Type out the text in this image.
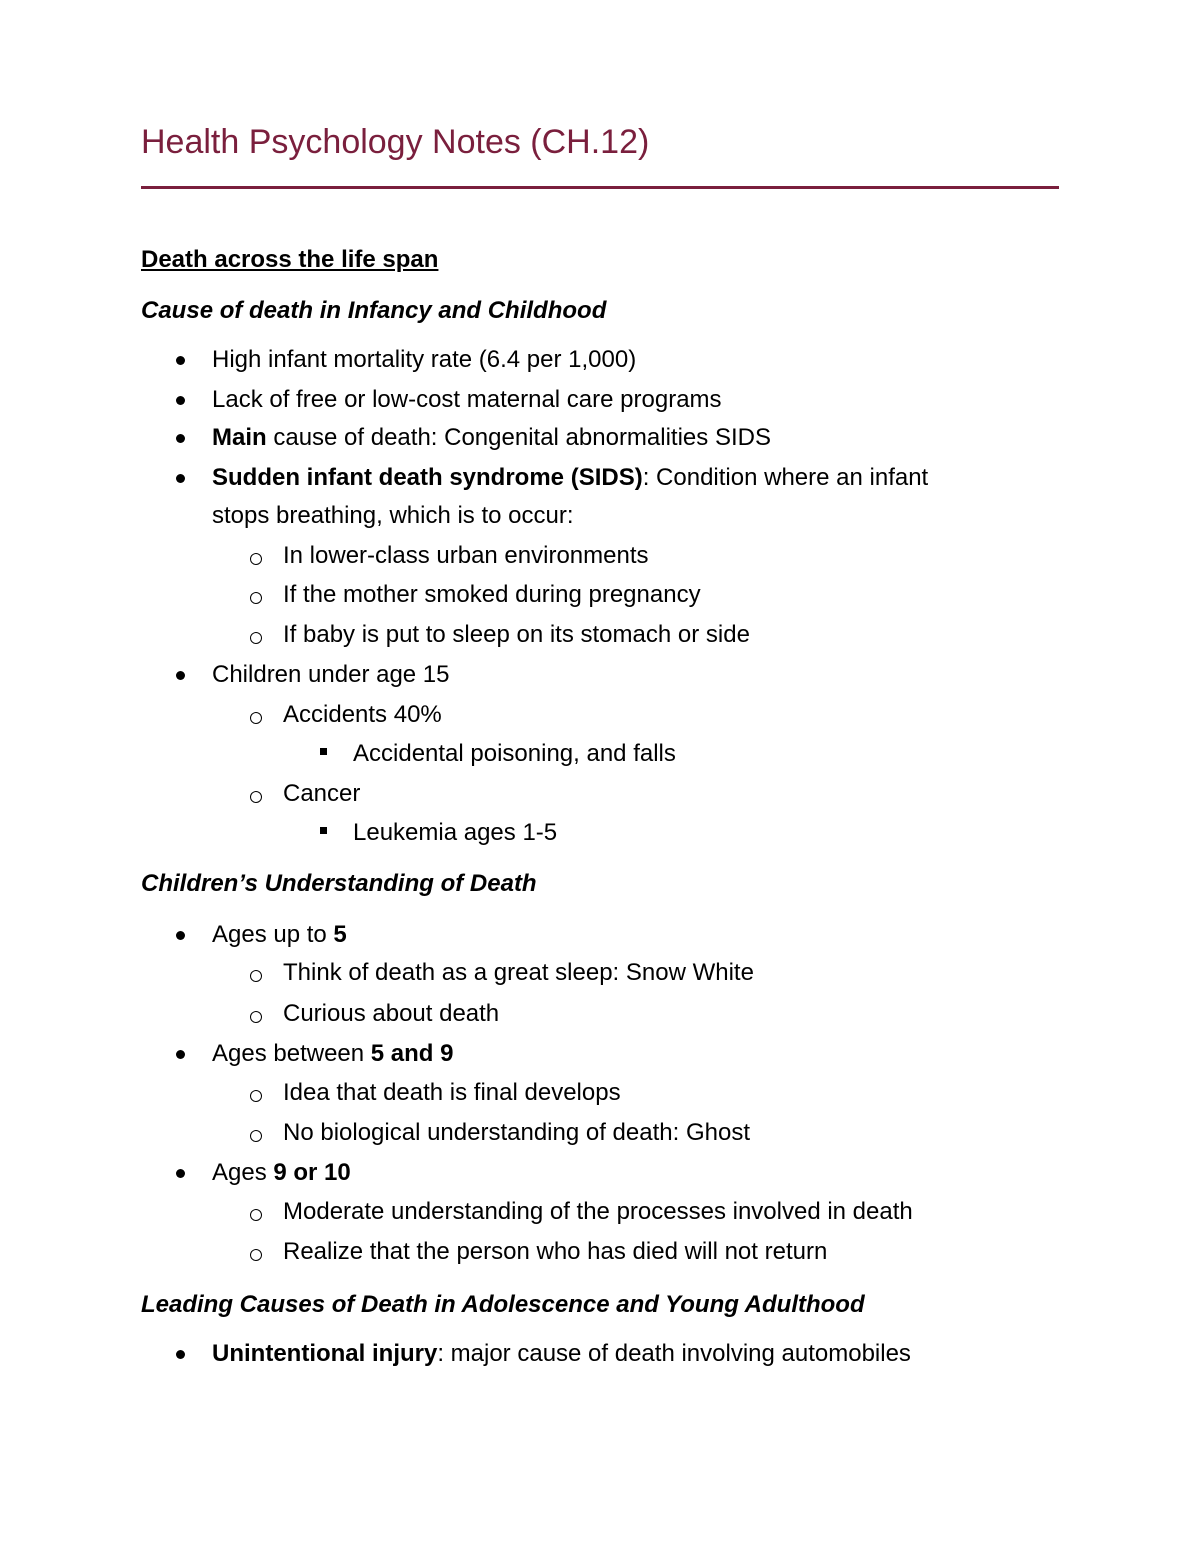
Health Psychology Notes (CH.12)
Death across the life span
Cause of death in Infancy and Childhood
High infant mortality rate (6.4 per 1,000)
Lack of free or low-cost maternal care programs
Main cause of death: Congenital abnormalities SIDS
Sudden infant death syndrome (SIDS): Condition where an infant
stops breathing, which is to occur:
In lower-class urban environments
If the mother smoked during pregnancy
If baby is put to sleep on its stomach or side
Children under age 15
Accidents 40%
Accidental poisoning, and falls
Cancer
Leukemia ages 1-5
Children’s Understanding of Death
Ages up to 5
Think of death as a great sleep: Snow White
Curious about death
Ages between 5 and 9
Idea that death is final develops
No biological understanding of death: Ghost
Ages 9 or 10
Moderate understanding of the processes involved in death
Realize that the person who has died will not return
Leading Causes of Death in Adolescence and Young Adulthood
Unintentional injury: major cause of death involving automobiles
